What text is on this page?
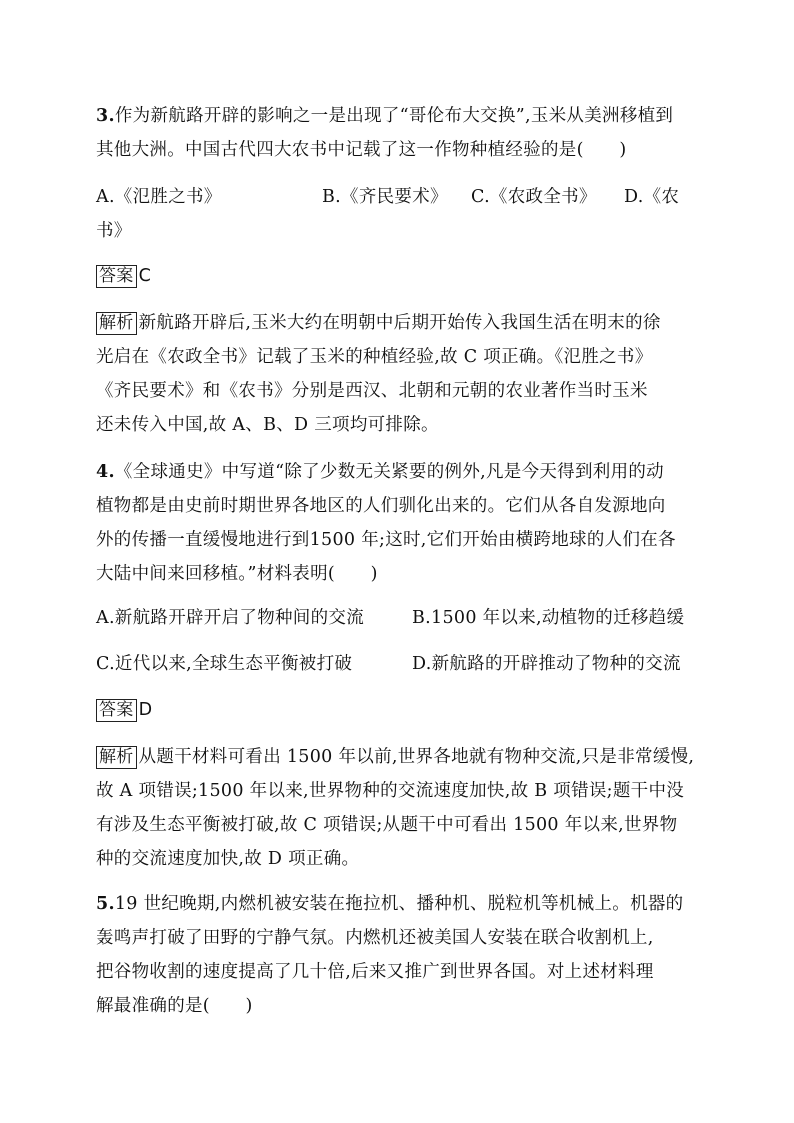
3.作为新航路开辟的影响之一是出现了“哥伦布大交换”,玉米从美洲移植到
其他大洲。中国古代四大农书中记载了这一作物种植经验的是(　　)
A.《氾胜之书》	B.《齐民要术》 C.《农政全书》 D.《农
书》
答案 C
解析 新航路开辟后,玉米大约在明朝中后期开始传入我国生活在明末的徐
光启在《农政全书》记载了玉米的种植经验,故 C 项正确。《氾胜之书》
《齐民要术》和《农书》分别是西汉、北朝和元朝的农业著作当时玉米
还未传入中国,故 A、B、D 三项均可排除。
4.《全球通史》中写道“除了少数无关紧要的例外,凡是今天得到利用的动
植物都是由史前时期世界各地区的人们驯化出来的。它们从各自发源地向
外的传播一直缓慢地进行到1500 年;这时,它们开始由横跨地球的人们在各
大陆中间来回移植。”材料表明(　　)
A.新航路开辟开启了物种间的交流	B.1500 年以来,动植物的迁移趋缓
C.近代以来,全球生态平衡被打破	D.新航路的开辟推动了物种的交流
答案 D
解析 从题干材料可看出 1500 年以前,世界各地就有物种交流,只是非常缓慢,
故 A 项错误;1500 年以来,世界物种的交流速度加快,故 B 项错误;题干中没
有涉及生态平衡被打破,故 C 项错误;从题干中可看出 1500 年以来,世界物
种的交流速度加快,故 D 项正确。
5.19 世纪晚期,内燃机被安装在拖拉机、播种机、脱粒机等机械上。机器的
轰鸣声打破了田野的宁静气氛。内燃机还被美国人安装在联合收割机上,
把谷物收割的速度提高了几十倍,后来又推广到世界各国。对上述材料理
解最准确的是(　　)
